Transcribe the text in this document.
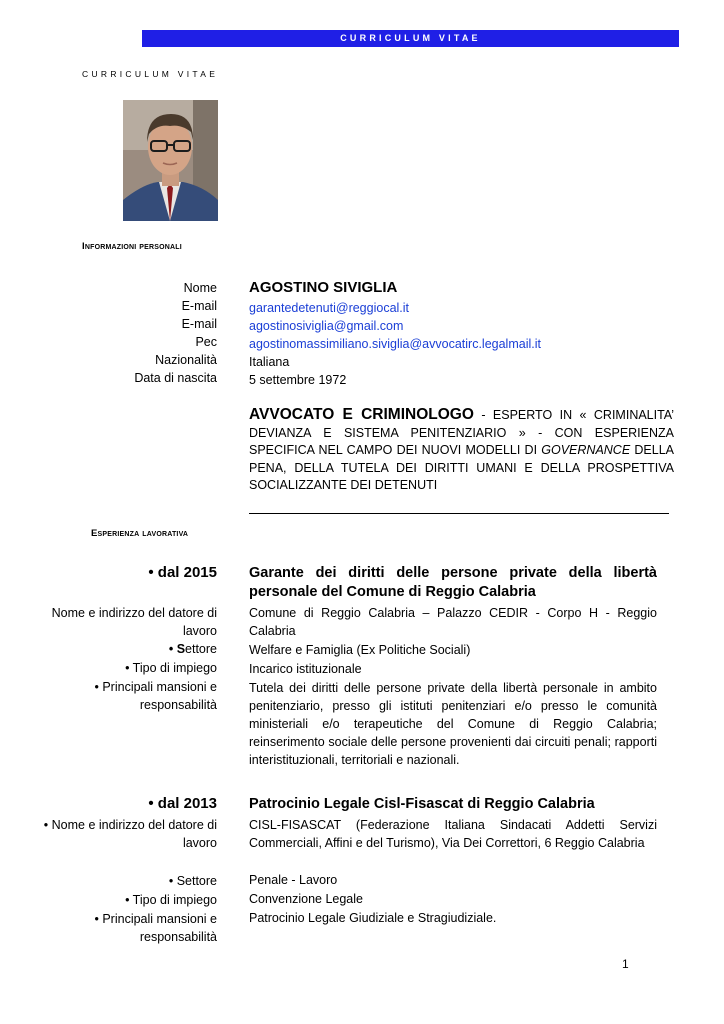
CURRICULUM VITAE
CURRICULUM VITAE
Informazioni personali
Nome
E-mail
E-mail
Pec
Nazionalità
Data di nascita
AGOSTINO SIVIGLIA
garantedetenuti@reggiocal.it
agostinosiviglia@gmail.com
agostinomassimiliano.siviglia@avvocatirc.legalmail.it
Italiana
5 settembre 1972
AVVOCATO E CRIMINOLOGO - ESPERTO IN « CRIMINALITA’ DEVIANZA E SISTEMA PENITENZIARIO » - CON ESPERIENZA SPECIFICA NEL CAMPO DEI NUOVI MODELLI DI GOVERNANCE DELLA PENA, DELLA TUTELA DEI DIRITTI UMANI E DELLA PROSPETTIVA SOCIALIZZANTE DEI DETENUTI
Esperienza lavorativa
• dal 2015 Garante dei diritti delle persone private della libertà personale del Comune di Reggio Calabria
Nome e indirizzo del datore di lavoro
• Settore
• Tipo di impiego
• Principali mansioni e responsabilità
Comune di Reggio Calabria – Palazzo CEDIR - Corpo H - Reggio Calabria
Welfare e Famiglia (Ex Politiche Sociali)
Incarico istituzionale
Tutela dei diritti delle persone private della libertà personale in ambito penitenziario, presso gli istituti penitenziari e/o presso le comunità ministeriali e/o terapeutiche del Comune di Reggio Calabria; reinserimento sociale delle persone provenienti dai circuiti penali; rapporti interistituzionali, territoriali e nazionali.
• dal 2013 Patrocinio Legale Cisl-Fisascat di Reggio Calabria
• Nome e indirizzo del datore di lavoro
• Settore
• Tipo di impiego
• Principali mansioni e responsabilità
CISL-FISASCAT (Federazione Italiana Sindacati Addetti Servizi Commerciali, Affini e del Turismo), Via Dei Correttori, 6 Reggio Calabria
Penale - Lavoro
Convenzione Legale
Patrocinio Legale Giudiziale e Stragiudiziale.
1
